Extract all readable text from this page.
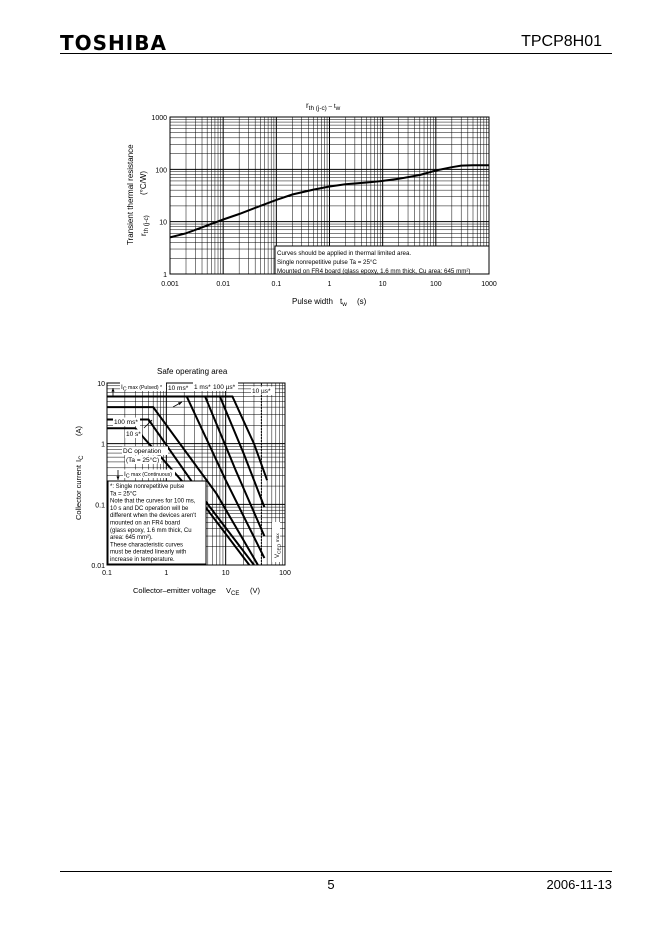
TOSHIBA	TPCP8H01
0.001	0.01	0.1	1	10	100	1000
1
10
100
1000
Curves should be applied in thermal limited area.
Single nonrepetitive pulse Ta = 25°C
Mounted on FR4 board (glass epoxy, 1.6 mm thick, Cu area: 645 mm²)
$r_{th (j-c)}$ $^{- t}_w$
Pulse width $t_w$ (s)
Transient thermal resistance $r_{th (j-c)}$
(°C/W)
0.1	1	10	100
0.01
0.1
1
10
*: Single nonrepetitive pulse
Ta = 25°C
Note that the curves for 100 ms,
10 s and DC operation will be
different when the devices aren't
mounted on an FR4 board
(glass epoxy, 1.6 mm thick, Cu
area: 645 mm²).
These characteristic curves
must be derated linearly with
increase in temperature.
$I_C$ $^{max (Pulsed) *}$ 10 ms* 1 ms* 100 µs*
10 µs*
100 ms*
10 s*
DC operation
(Ta = 25°C)
$I_C$ $^{max (Continuous)}$
$V_{CEO}$ $^{max}$
Safe operating area
Collector–emitter voltage $V_{CE}$ (V)
Collector current
$I_C$
(A)
5	2006-11-13
